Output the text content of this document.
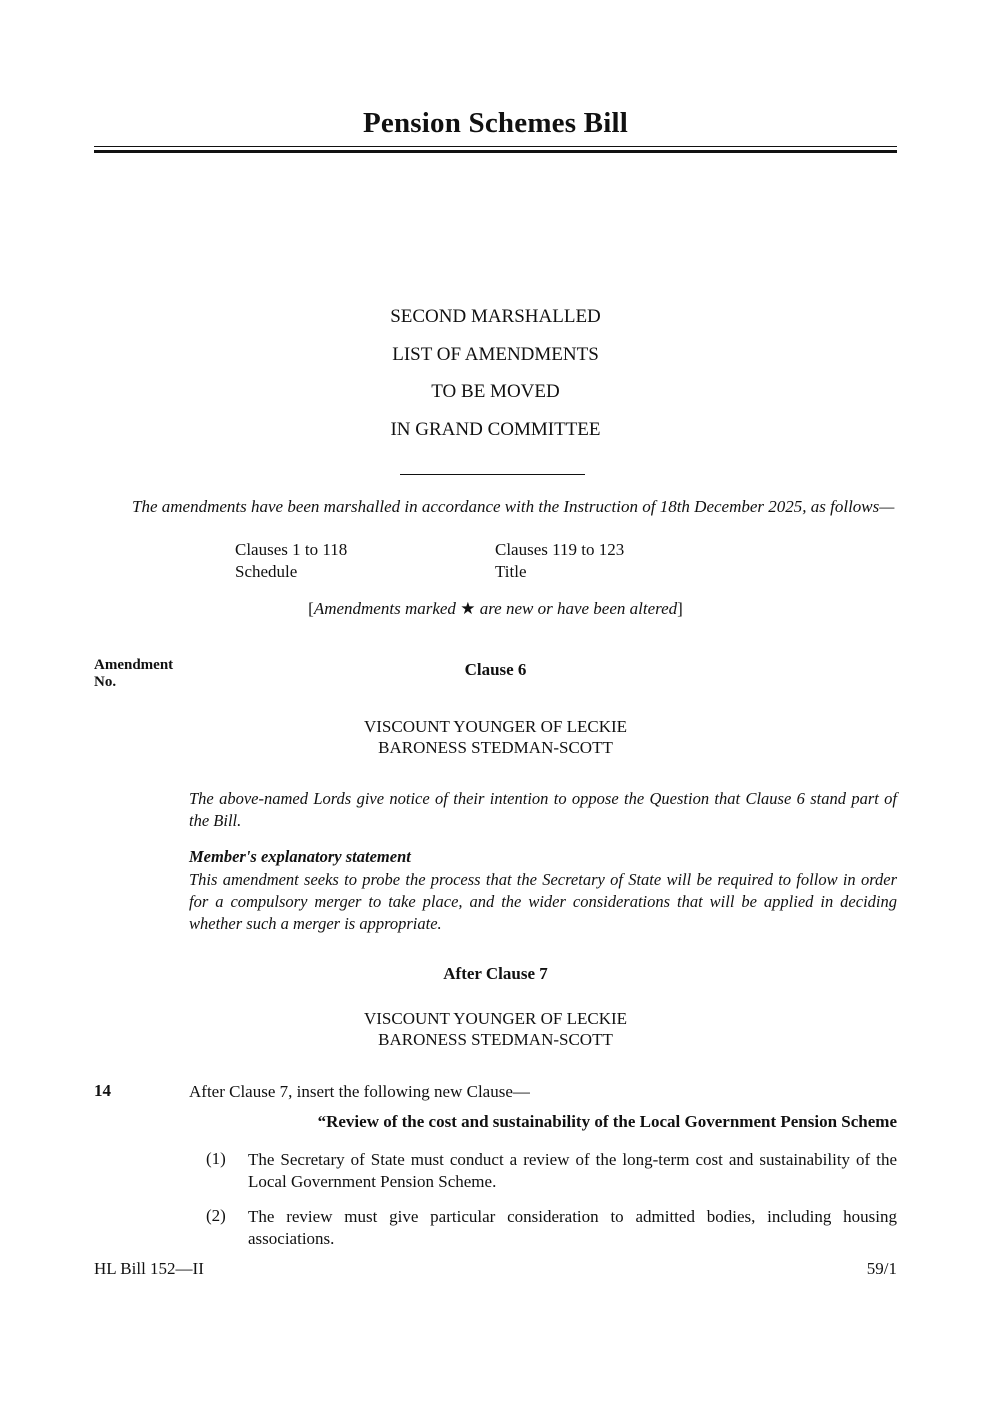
Pension Schemes Bill
SECOND MARSHALLED
LIST OF AMENDMENTS
TO BE MOVED
IN GRAND COMMITTEE
The amendments have been marshalled in accordance with the Instruction of 18th December 2025, as follows—
Clauses 1 to 118
Schedule
Clauses 119 to 123
Title
[Amendments marked ★ are new or have been altered]
Amendment
No.
Clause 6
VISCOUNT YOUNGER OF LECKIE
BARONESS STEDMAN-SCOTT
The above-named Lords give notice of their intention to oppose the Question that Clause 6 stand part of the Bill.
Member's explanatory statement
This amendment seeks to probe the process that the Secretary of State will be required to follow in order for a compulsory merger to take place, and the wider considerations that will be applied in deciding whether such a merger is appropriate.
After Clause 7
VISCOUNT YOUNGER OF LECKIE
BARONESS STEDMAN-SCOTT
14	After Clause 7, insert the following new Clause—
“Review of the cost and sustainability of the Local Government Pension Scheme
(1) The Secretary of State must conduct a review of the long-term cost and sustainability of the Local Government Pension Scheme.
(2) The review must give particular consideration to admitted bodies, including housing associations.
HL Bill 152—II	59/1
